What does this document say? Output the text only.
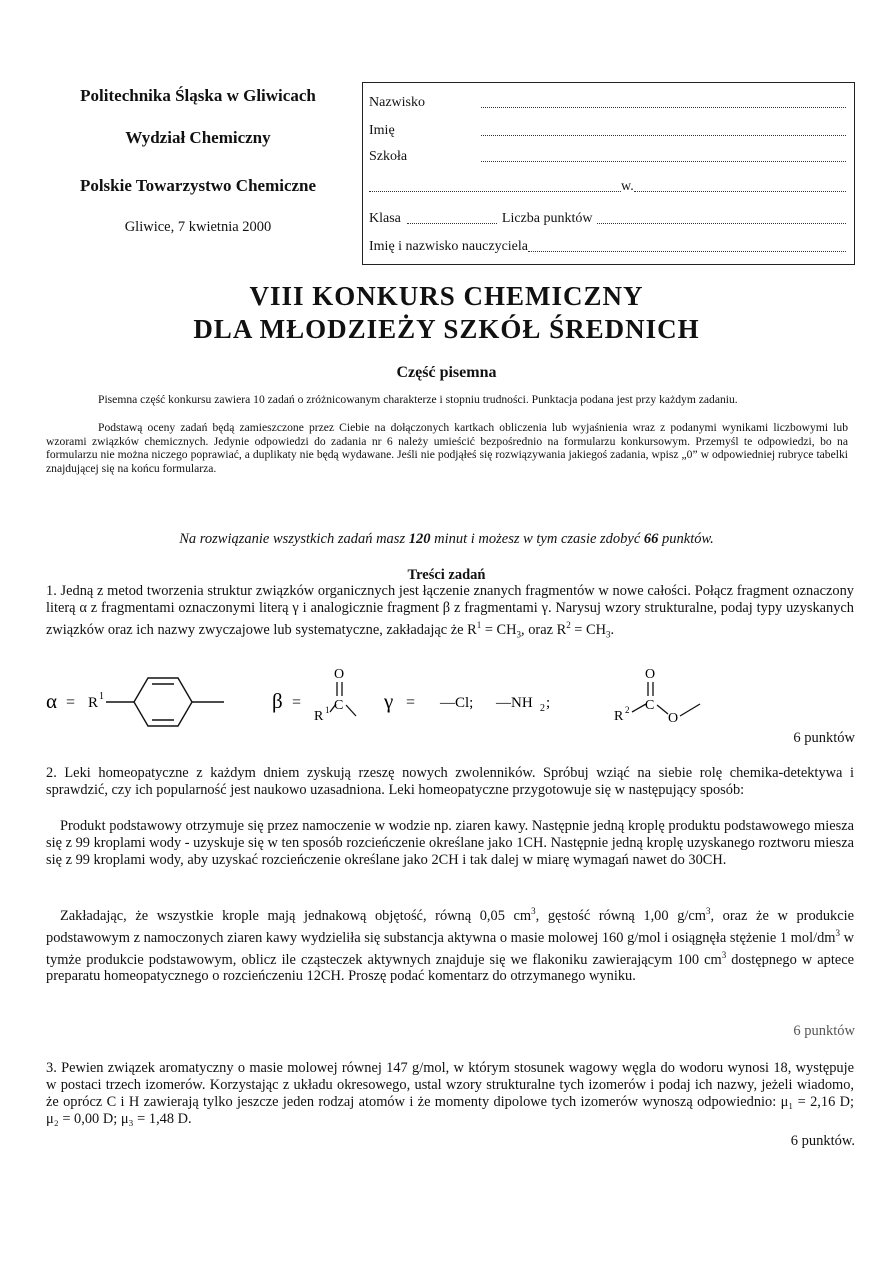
Politechnika Śląska w Gliwicach
Wydział Chemiczny
Polskie Towarzystwo Chemiczne
Gliwice, 7 kwietnia 2000
Nazwisko
Imię
Szkoła
w.
Klasa	Liczba punktów
Imię i nazwisko nauczyciela
VIII KONKURS CHEMICZNY
DLA MŁODZIEŻY SZKÓŁ ŚREDNICH
Część pisemna
Pisemna część konkursu zawiera 10 zadań o zróżnicowanym charakterze i stopniu trudności. Punktacja podana jest przy każdym zadaniu.
Podstawą oceny zadań będą zamieszczone przez Ciebie na dołączonych kartkach obliczenia lub wyjaśnienia wraz z podanymi wynikami liczbowymi lub wzorami związków chemicznych. Jedynie odpowiedzi do zadania nr 6 należy umieścić bezpośrednio na formularzu konkursowym. Przemyśl te odpowiedzi, bo na formularzu nie można niczego poprawiać, a duplikaty nie będą wydawane. Jeśli nie podjąłeś się rozwiązywania jakiegoś zadania, wpisz „0” w odpowiedniej rubryce tabelki znajdującej się na końcu formularza.
Na rozwiązanie wszystkich zadań masz 120 minut i możesz w tym czasie zdobyć 66 punktów.
Treści zadań
1. Jedną z metod tworzenia struktur związków organicznych jest łączenie znanych fragmentów w nowe całości. Połącz fragment oznaczony literą α z fragmentami oznaczonymi literą γ i analogicznie fragment β z fragmentami γ. Narysuj wzory strukturalne, podaj typy uzyskanych związków oraz ich nazwy zwyczajowe lub systematyczne, zakładając że $R^1 = CH_3$, oraz $R^2 = CH_3$.
α = R 1	β =
O
R 1 C γ = —Cl; —NH 2 ;
O
R 2 C
O
6 punktów
2. Leki homeopatyczne z każdym dniem zyskują rzeszę nowych zwolenników. Spróbuj wziąć na siebie rolę chemika-detektywa i sprawdzić, czy ich popularność jest naukowo uzasadniona. Leki homeopatyczne przygotowuje się w następujący sposób:
Produkt podstawowy otrzymuje się przez namoczenie w wodzie np. ziaren kawy. Następnie jedną kroplę produktu podstawowego miesza się z 99 kroplami wody - uzyskuje się w ten sposób rozcieńczenie określane jako 1CH. Następnie jedną kroplę uzyskanego roztworu miesza się z 99 kroplami wody, aby uzyskać rozcieńczenie określane jako 2CH i tak dalej w miarę wymagań nawet do 30CH.
Zakładając, że wszystkie krople mają jednakową objętość, równą 0,05 $cm^3$, gęstość równą 1,00 $g/cm^3$, oraz że w produkcie podstawowym z namoczonych ziaren kawy wydzieliła się substancja aktywna o masie molowej 160 g/mol i osiągnęła stężenie 1 mol/$dm^3$ w tymże produkcie podstawowym, oblicz ile cząsteczek aktywnych znajduje się we flakoniku zawierającym 100 $cm^3$ dostępnego w aptece preparatu homeopatycznego o rozcieńczeniu 12CH. Proszę podać komentarz do otrzymanego wyniku.
6 punktów
3. Pewien związek aromatyczny o masie molowej równej 147 g/mol, w którym stosunek wagowy węgla do wodoru wynosi 18, występuje w postaci trzech izomerów. Korzystając z układu okresowego, ustal wzory strukturalne tych izomerów i podaj ich nazwy, jeżeli wiadomo, że oprócz C i H zawierają tylko jeszcze jeden rodzaj atomów i że momenty dipolowe tych izomerów wynoszą odpowiednio: μ₁ = 2,16 D; μ₂ = 0,00 D; μ₃ = 1,48 D.
6 punktów.
